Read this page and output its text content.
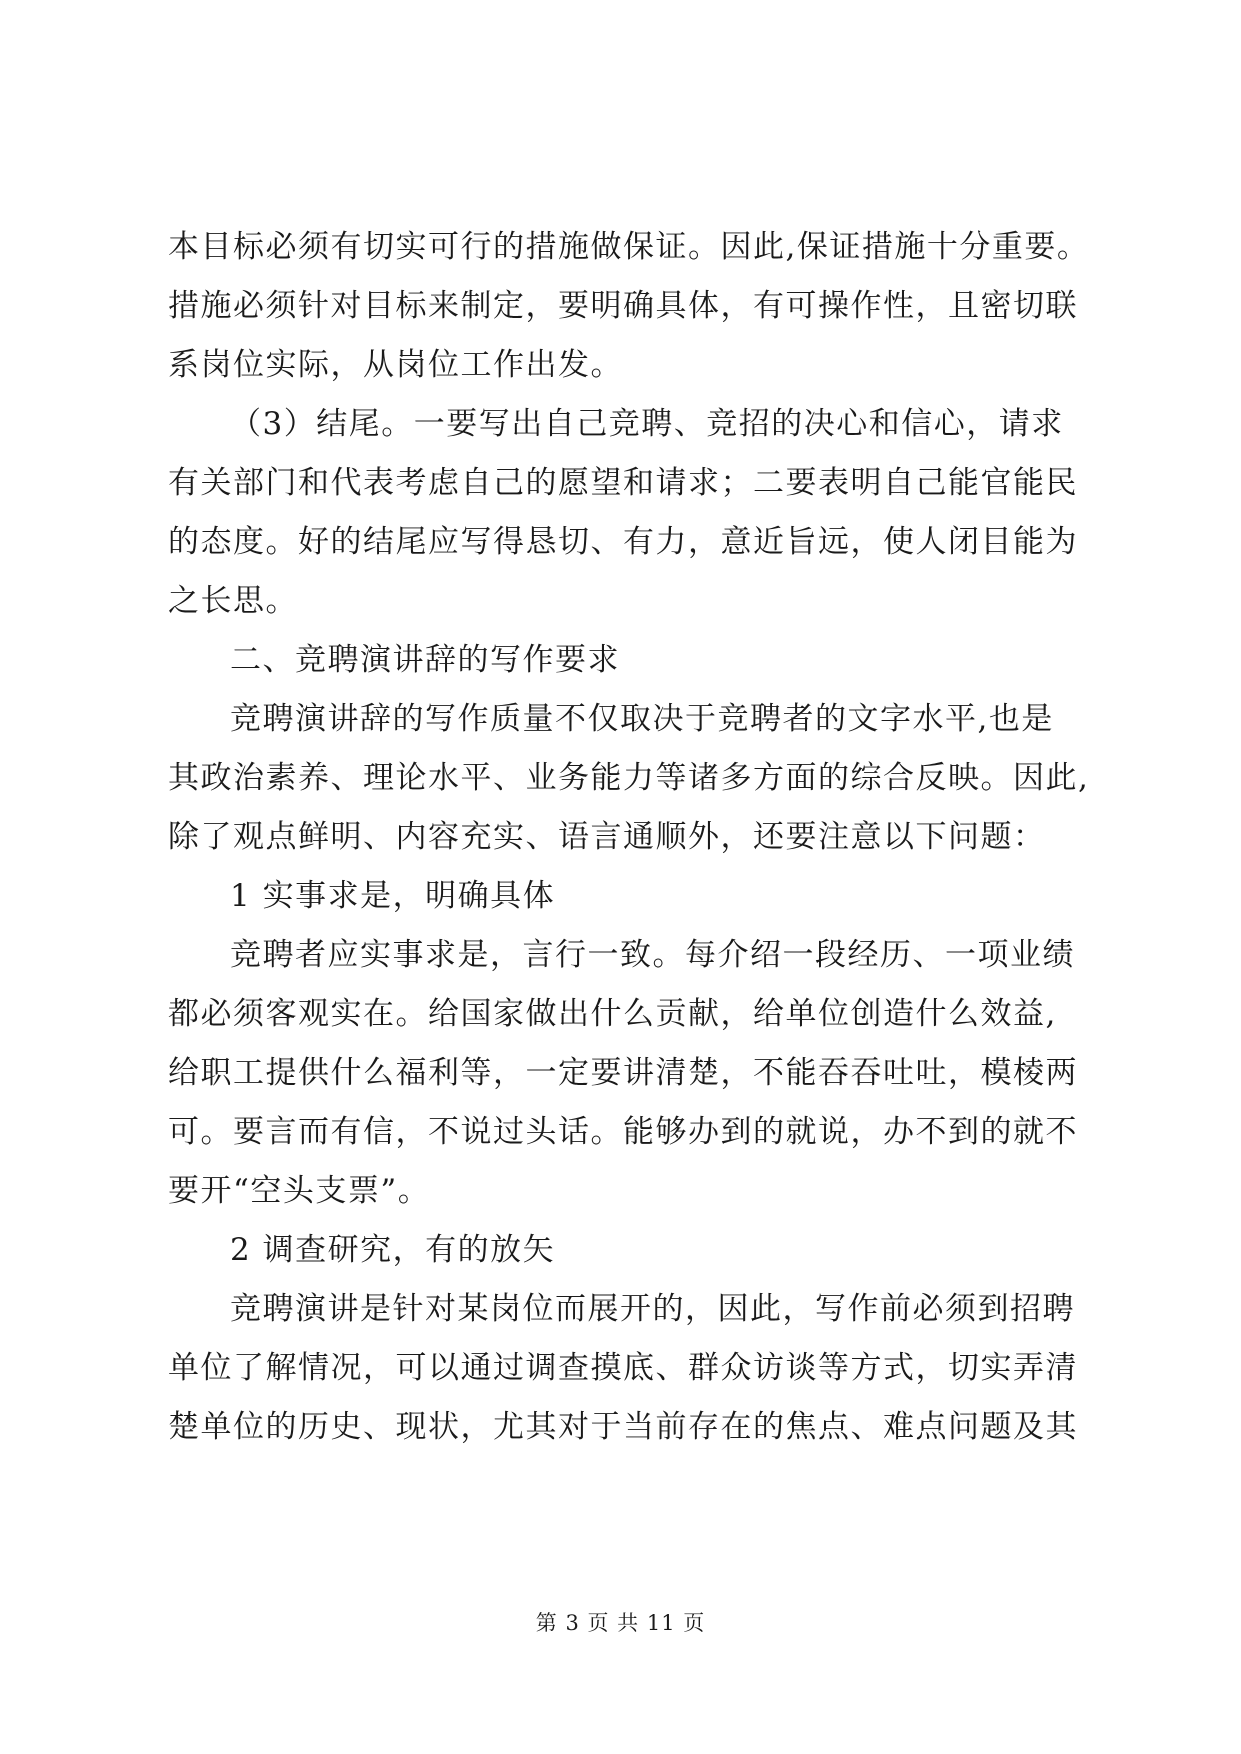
本目标必须有切实可行的措施做保证。因此,保证措施十分重要。
措施必须针对目标来制定，要明确具体，有可操作性，且密切联
系岗位实际，从岗位工作出发。
（3）结尾。一要写出自己竞聘、竞招的决心和信心，请求
有关部门和代表考虑自己的愿望和请求；二要表明自己能官能民
的态度。好的结尾应写得恳切、有力，意近旨远，使人闭目能为
之长思。
二、竞聘演讲辞的写作要求
竞聘演讲辞的写作质量不仅取决于竞聘者的文字水平,也是
其政治素养、理论水平、业务能力等诸多方面的综合反映。因此,
除了观点鲜明、内容充实、语言通顺外，还要注意以下问题：
1 实事求是，明确具体
竞聘者应实事求是，言行一致。每介绍一段经历、一项业绩
都必须客观实在。给国家做出什么贡献，给单位创造什么效益,
给职工提供什么福利等，一定要讲清楚，不能吞吞吐吐，模棱两
可。要言而有信，不说过头话。能够办到的就说，办不到的就不
要开“空头支票”。
2 调查研究，有的放矢
竞聘演讲是针对某岗位而展开的，因此，写作前必须到招聘
单位了解情况，可以通过调查摸底、群众访谈等方式，切实弄清
楚单位的历史、现状，尤其对于当前存在的焦点、难点问题及其
第 3 页 共 11 页
